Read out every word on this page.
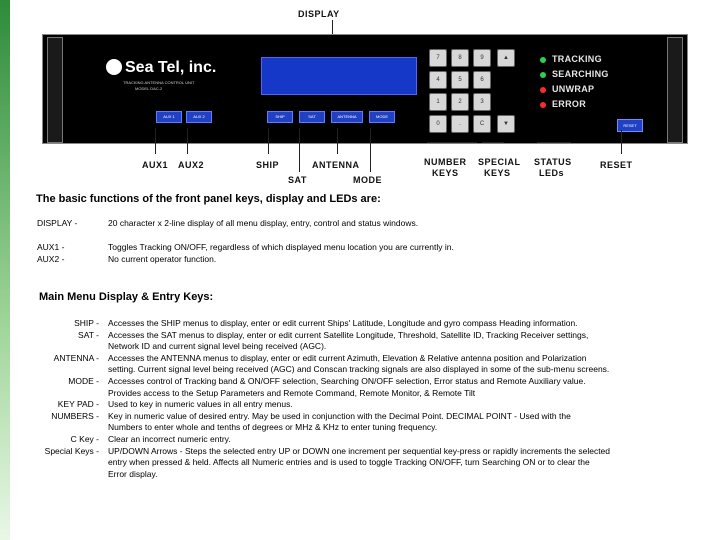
DISPLAY
Sea Tel, inc.
TRACKING ANTENNA CONTROL UNIT
MODEL DAC-2
AUX 1	AUX 2	SHIP	SAT	ANTENNA	MODE
7	8	9
4	5	6
1	2	3
0	.	C
▲
▼
TRACKING
SEARCHING
UNWRAP
ERROR
RESET
AUX1 AUX2	SHIP	ANTENNA
SAT	MODE
NUMBER
KEYS
SPECIAL
KEYS
STATUS
LEDs
RESET
The basic functions of the front panel keys, display and LEDs are:
DISPLAY -	20 character x 2-line display of all menu display, entry, control and status windows.
AUX1 -	Toggles Tracking ON/OFF, regardless of which displayed menu location you are currently in.
AUX2 -	No current operator function.
Main Menu Display & Entry Keys:
SHIP - Accesses the SHIP menus to display, enter or edit current Ships' Latitude, Longitude and gyro compass Heading information.
SAT - Accesses the SAT menus to display, enter or edit current Satellite Longitude, Threshold, Satellite ID, Tracking Receiver settings,
Network ID and current signal level being received (AGC).
ANTENNA - Accesses the ANTENNA menus to display, enter or edit current Azimuth, Elevation & Relative antenna position and Polarization
setting. Current signal level being received (AGC) and Conscan tracking signals are also displayed in some of the sub-menu screens.
MODE - Accesses control of Tracking band & ON/OFF selection, Searching ON/OFF selection, Error status and Remote Auxiliary value.
Provides access to the Setup Parameters and Remote Command, Remote Monitor, & Remote Tilt
KEY PAD - Used to key in numeric values in all entry menus.
NUMBERS - Key in numeric value of desired entry. May be used in conjunction with the Decimal Point. DECIMAL POINT - Used with the
Numbers to enter whole and tenths of degrees or MHz & KHz to enter tuning frequency.
C Key - Clear an incorrect numeric entry.
Special Keys - UP/DOWN Arrows - Steps the selected entry UP or DOWN one increment per sequential key-press or rapidly increments the selected
entry when pressed & held. Affects all Numeric entries and is used to toggle Tracking ON/OFF, turn Searching ON or to clear the
Error display.
